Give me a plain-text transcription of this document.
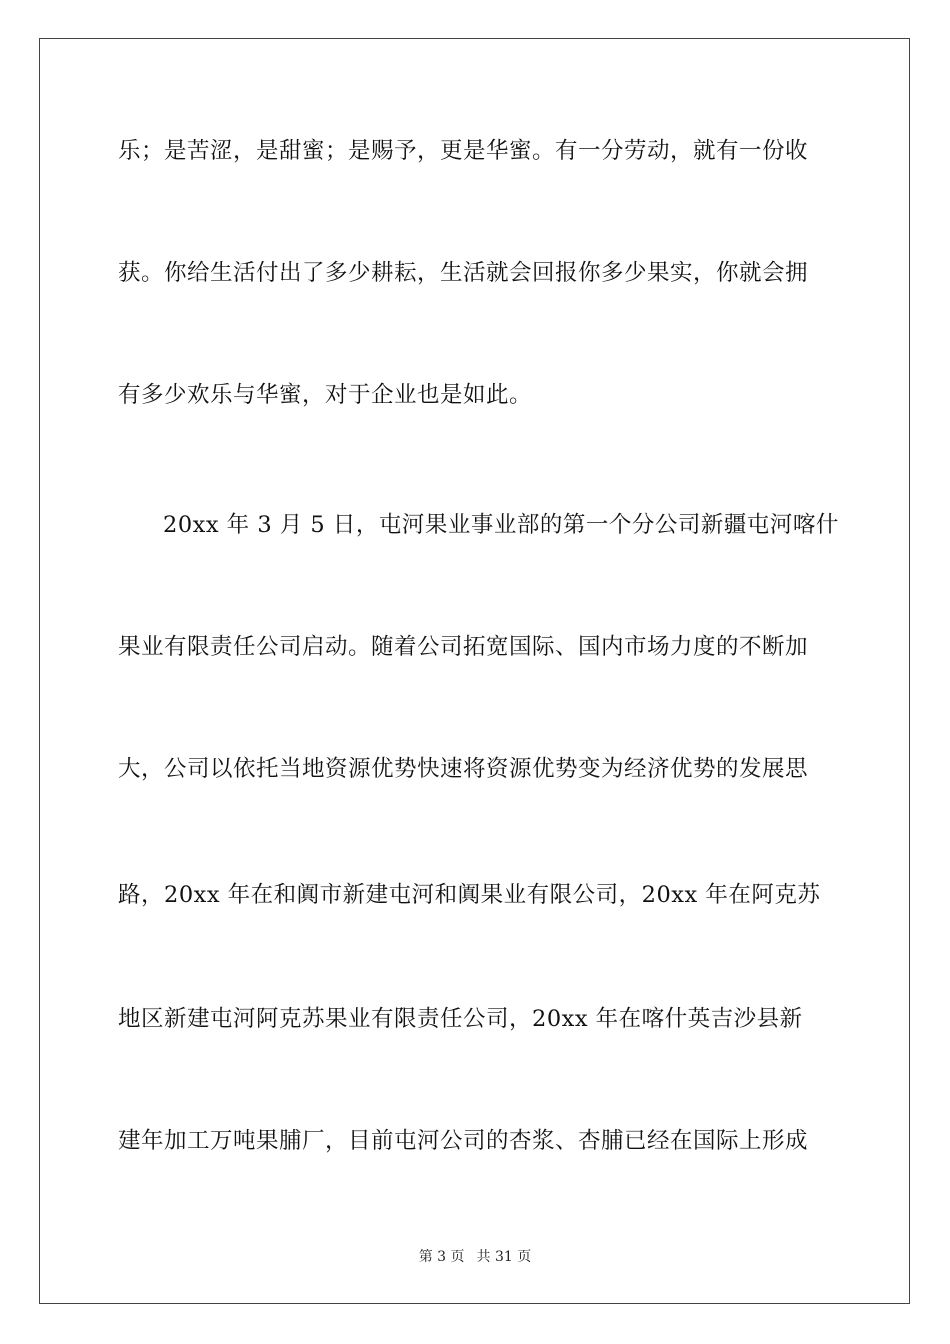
乐；是苦涩，是甜蜜；是赐予，更是华蜜。有一分劳动，就有一份收
获。你给生活付出了多少耕耘，生活就会回报你多少果实，你就会拥
有多少欢乐与华蜜，对于企业也是如此。
20xx 年 3 月 5 日，屯河果业事业部的第一个分公司新疆屯河喀什
果业有限责任公司启动。随着公司拓宽国际、国内市场力度的不断加
大，公司以依托当地资源优势快速将资源优势变为经济优势的发展思
路，20xx 年在和阗市新建屯河和阗果业有限公司，20xx 年在阿克苏
地区新建屯河阿克苏果业有限责任公司，20xx 年在喀什英吉沙县新
建年加工万吨果脯厂，目前屯河公司的杏浆、杏脯已经在国际上形成
第 3 页 共 31 页
